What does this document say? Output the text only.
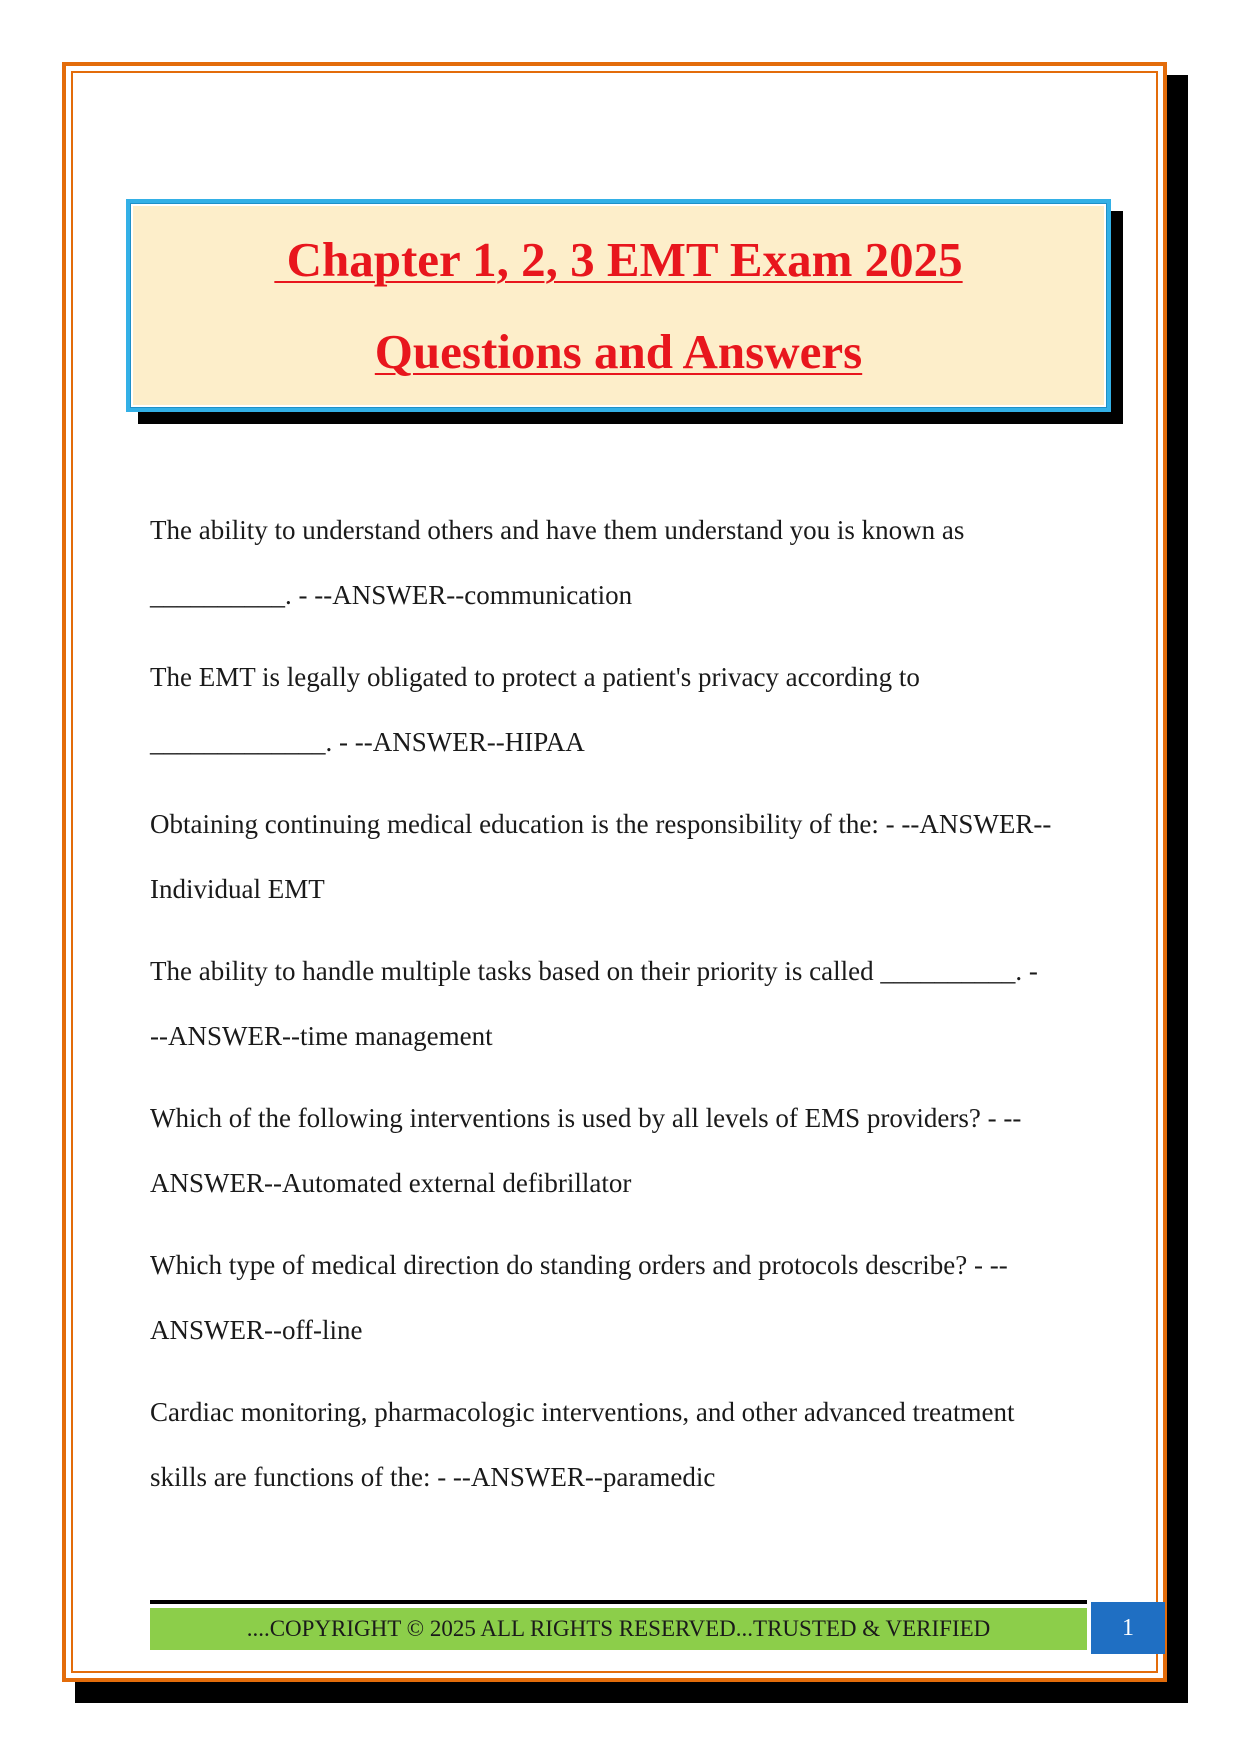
Chapter 1, 2, 3 EMT Exam 2025
Questions and Answers
The ability to understand others and have them understand you is known as
__________. - --ANSWER--communication
The EMT is legally obligated to protect a patient's privacy according to
_____________. - --ANSWER--HIPAA
Obtaining continuing medical education is the responsibility of the: - --ANSWER--
Individual EMT
The ability to handle multiple tasks based on their priority is called __________. -
--ANSWER--time management
Which of the following interventions is used by all levels of EMS providers? - --
ANSWER--Automated external defibrillator
Which type of medical direction do standing orders and protocols describe? - --
ANSWER--off-line
Cardiac monitoring, pharmacologic interventions, and other advanced treatment
skills are functions of the: - --ANSWER--paramedic
....COPYRIGHT © 2025 ALL RIGHTS RESERVED...TRUSTED & VERIFIED	1
